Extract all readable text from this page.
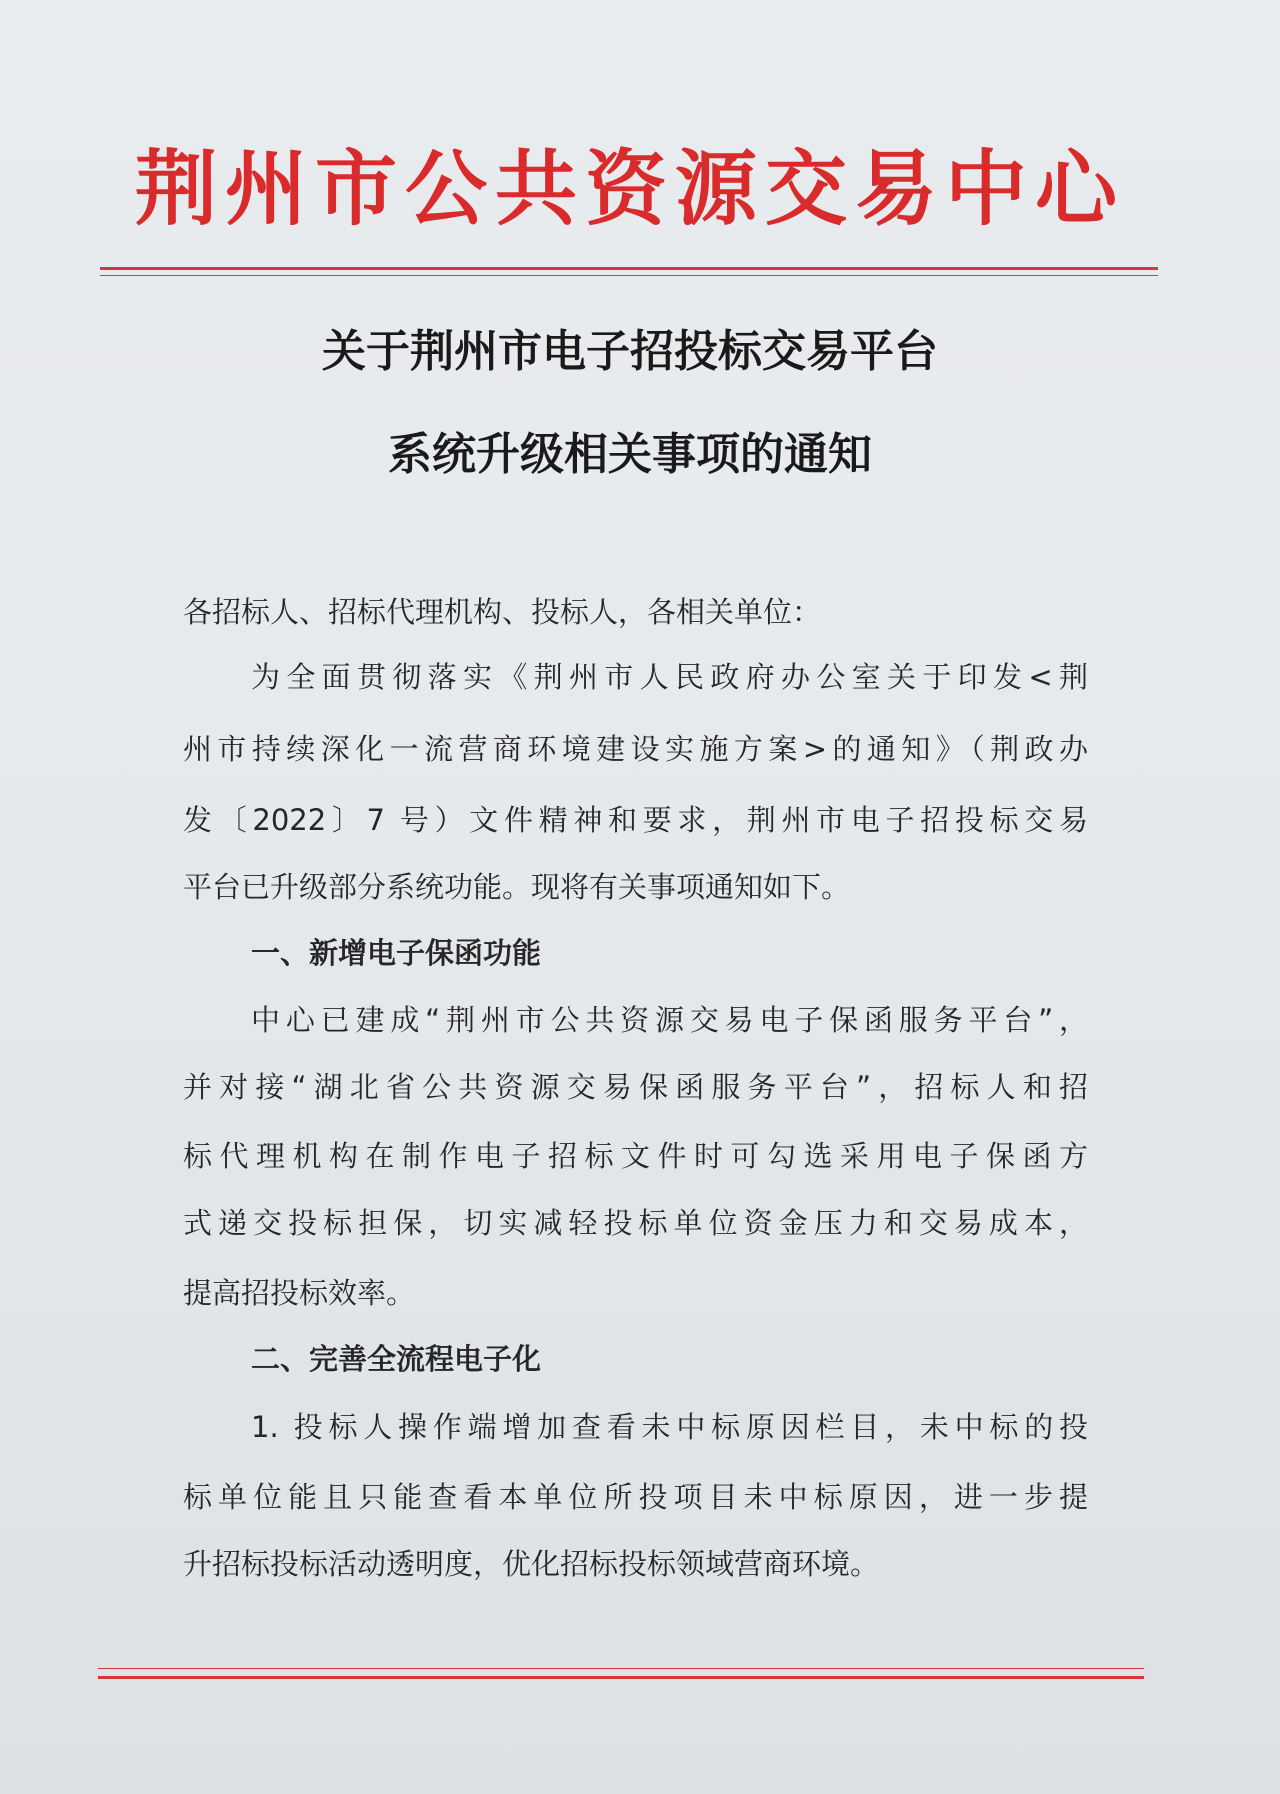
荆州市公共资源交易中心
关于荆州市电子招投标交易平台
系统升级相关事项的通知
各招标人、招标代理机构、投标人，各相关单位：
为全面贯彻落实《荆州市人民政府办公室关于印发<荆
州市持续深化一流营商环境建设实施方案>的通知》（荆政办
发〔2022〕7 号）文件精神和要求，荆州市电子招投标交易
平台已升级部分系统功能。现将有关事项通知如下。
一、新增电子保函功能
中心已建成“荆州市公共资源交易电子保函服务平台”，
并对接“湖北省公共资源交易保函服务平台”，招标人和招
标代理机构在制作电子招标文件时可勾选采用电子保函方
式递交投标担保，切实减轻投标单位资金压力和交易成本，
提高招投标效率。
二、完善全流程电子化
1. 投标人操作端增加查看未中标原因栏目，未中标的投
标单位能且只能查看本单位所投项目未中标原因，进一步提
升招标投标活动透明度，优化招标投标领域营商环境。
